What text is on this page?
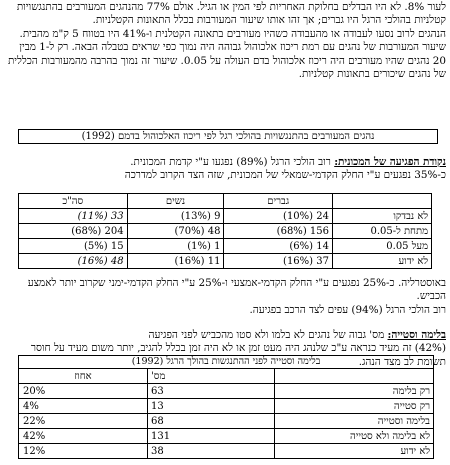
לעור 8%. לא היו הבדלים בחלוקת האחריות לפי המין או הגיל. אולם 77% מהנהגים המעורבים בהתנגשויות קטלניות בהולכי הרגל היו גברים; אך זהו אותו שיעור המעורבות בכלל התאונות הקטלניות.

הנהגים לרוב נסעו לעבודה או מהעבודה כשהיו מעורבים בתאונה הקטלנית ו-41% היו בטווח 5 ק"מ מהבית.

שיעור המעורבות של נהגים עם רמת ריכוז אלכוהול גבוהה היה נמוך כפי שראים בטבלה הבאה. רק ל-1 מבין 20 נהגים שהיו מעורבים היה ריכוז אלכוהול בדם העולה על 0.05. שיעור זה נמוך בהרבה מהמעורבות הכללית של נהגים שיכורים בתאונות קטלניות.

נהגים המעורבים בהתנגשויות בהולכי רגל לפי ריכוז האלכוהול בדמם (1992)

נקודת הפגיעה של המכונית: רוב הולכי הרגל (89%) נפגעו ע"י קדמת המכונית.

כ-35% נפגעים ע"י החלק הקדמי-שמאלי של המכונית, שזה הצד הקרוב למדרכה

	גברים	נשים	סה"כ
לא נבדקו	24 (10%)	9 (13%)	33 (11%)
מתחת ל-0.05	156 (68%)	48 (70%)	204 (68%)
מעל 0.05	14 (6%)	1 (1%)	15 (5%)
לא ידוע	37 (16%)	11 (16%)	48 (16%)

באוסטרליה. כ-25% נפגעים ע"י החלק הקדמי-אמצעי ו-25% ע"י החלק הקדמי-ימני שקרוב יותר לאמצע הכביש.

רוב הולכי הרגל (94%) עפים לצד הרכב בפגיעה.

בלימה וסטייה: מס' גבוה של נהגים לא בלמו ולא סטו מהכביש לפני הפגיעה

(42%) זה מעיד כנראה ע"כ שלנהג היה מעט זמן או לא היה זמן בכלל להגיב, יותר משום מעיד על חוסר תשומת לב מצד הנהג.

בלימה וסטייה לפני ההתנגשות בהולך הרגל (1992)		
	מס'	אחוז
רק בלימה	63	20%
רק סטייה	13	4%
בלימה וסטייה	68	22%
לא בלימה ולא סטייה	131	42%
לא ידוע	38	12%
